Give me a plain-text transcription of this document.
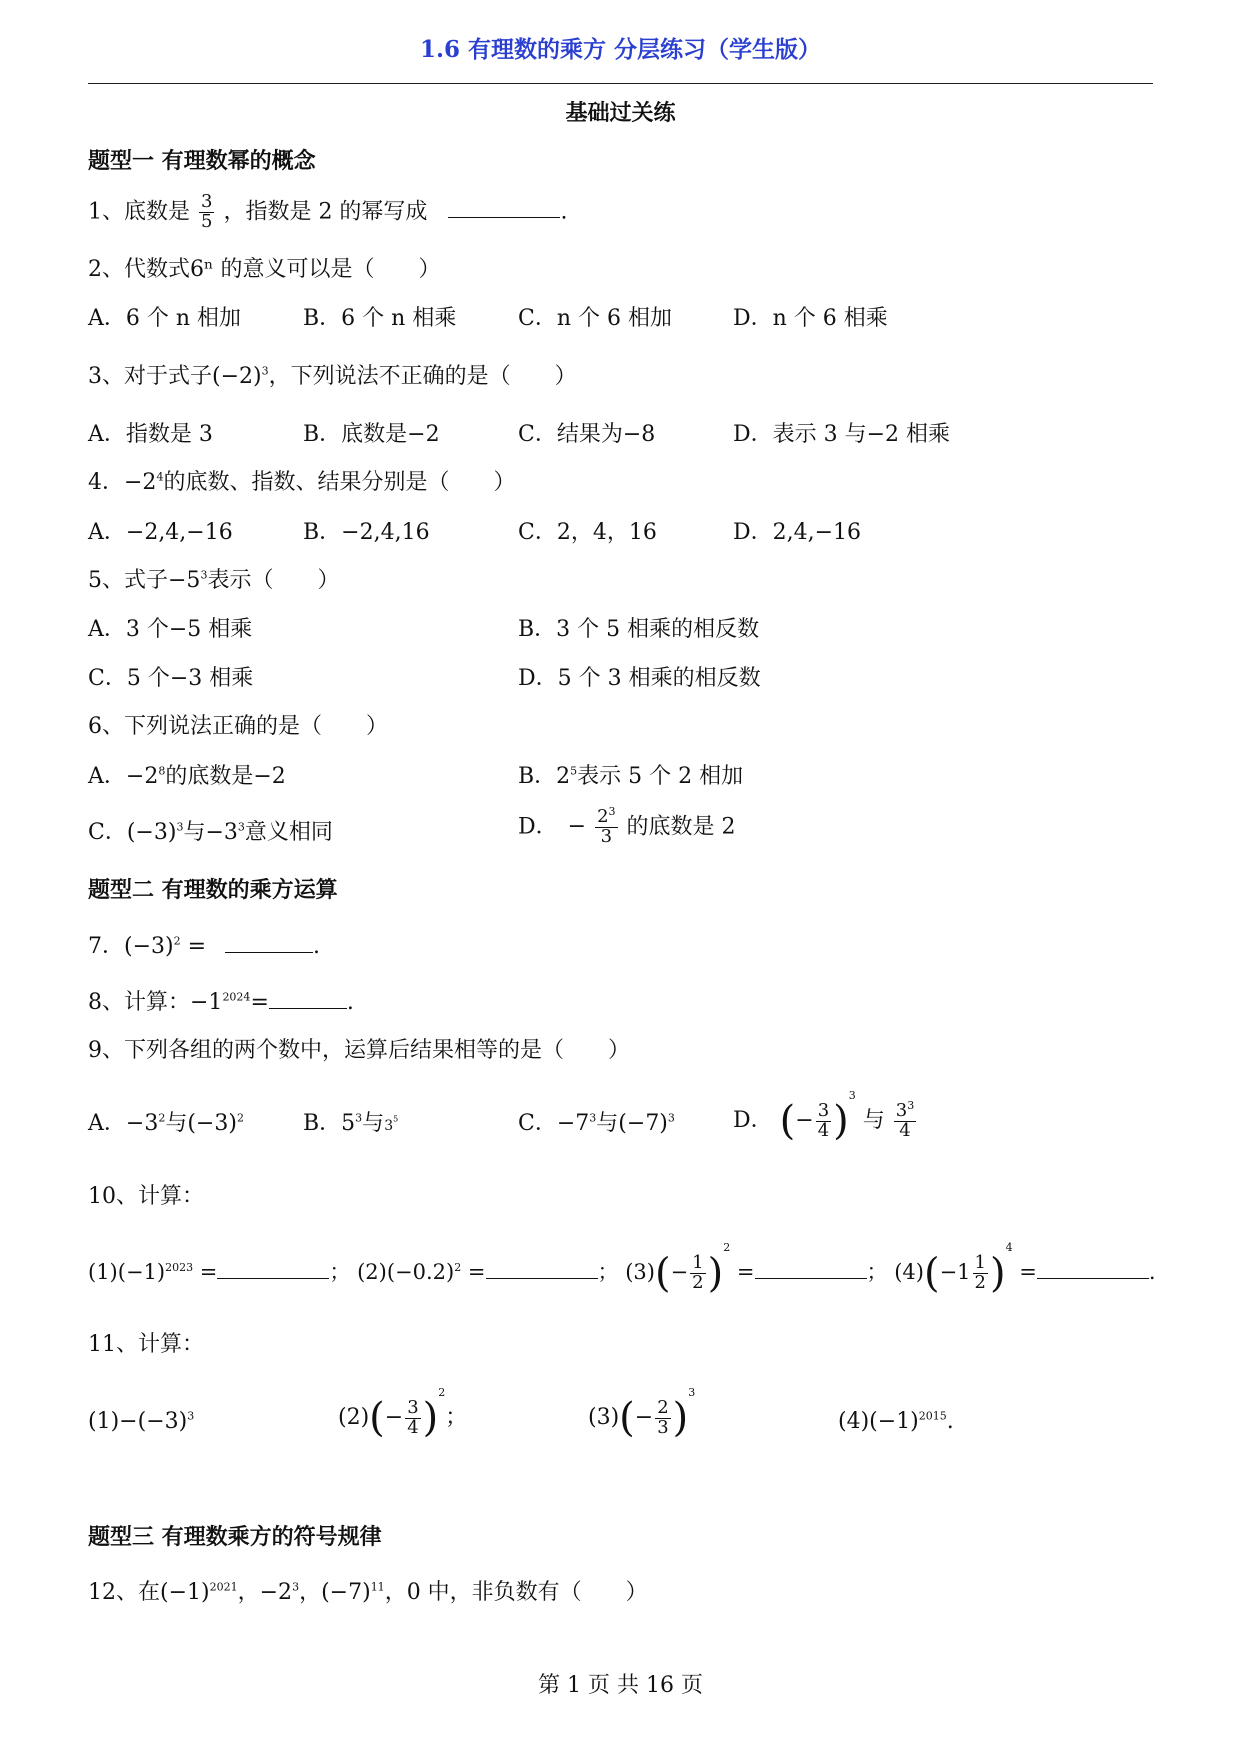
1.6 有理数的乘方 分层练习（学生版）
基础过关练
题型一 有理数幂的概念
1、底数是 $\frac{3}{5}$ ，指数是 2 的幂写成	.
2、代数式6ⁿ 的意义可以是（　　）
A．6 个 n 相加	B．6 个 n 相乘	C．n 个 6 相加	D．n 个 6 相乘
3、对于式子$(-2)^3$，下列说法不正确的是（　　）
A．指数是 3	B．底数是−2	C．结果为−8	D．表示 3 与−2 相乘
4．$-2^4$的底数、指数、结果分别是（　　）
A．−2,4,−16	B．−2,4,16	C．2，4，16	D．2,4,−16
5、式子$-5^3$表示（　　）
A．3 个−5 相乘	B．3 个 5 相乘的相反数
C．5 个−3 相乘	D．5 个 3 相乘的相反数
6、下列说法正确的是（　　）
A．$-2^8$的底数是−2	B．$2^5$表示 5 个 2 相加
C．$(-3)^3$与$-3^3$意义相同	D． − $\frac{2^3}{3}$ 的底数是 2
题型二 有理数的乘方运算
7．$(-3)^2$ =	.
8、计算：$-1^{2024}=$	.
9、下列各组的两个数中，运算后结果相等的是（　　）
A．$-3^2$与$(-3)^2$	B．$5^3$与$3^5$	C．$-7^3$与$(-7)^3$	D． (− $\frac{3}{4} )^3$ 与 $\frac{3^3}{4}$
10、计算：
$(1)(-1)^{2023}$ =	； $(2)(-0.2)^2$ =	； $(3)(- \frac{1}{2} )^2$ =	； $(4)(-1 \frac{1}{2} )^4$ =	.
11、计算：
$(1)-(-3)^3$	$(2)(- \frac{3}{4} )^2$；	$(3)(- \frac{2}{3} )^3$
$(4)(-1)^{2015}$.
题型三 有理数乘方的符号规律
12、在$(-1)^{2021}$，$-2^3$，$(-7)^{11}$，0 中，非负数有（　　）
第 1 页 共 16 页
